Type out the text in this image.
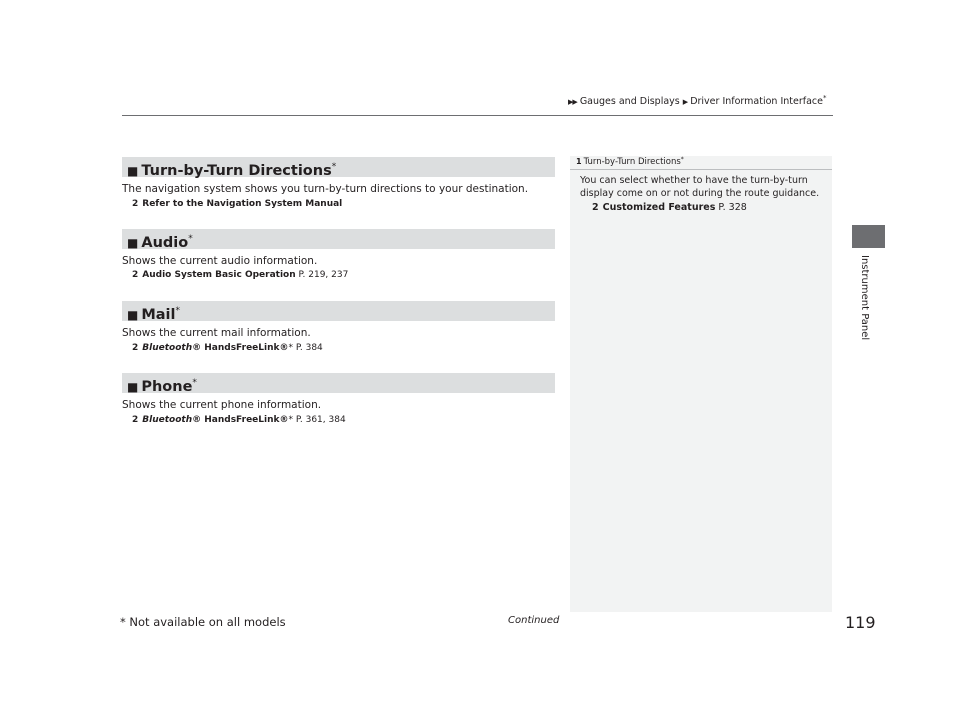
▶▶ Gauges and Displays ▶ Driver Information Interface*
Instrument Panel
■ Turn-by-Turn Directions*
The navigation system shows you turn-by-turn directions to your destination.
2 Refer to the Navigation System Manual
■ Audio*
Shows the current audio information.
2 Audio System Basic Operation P. 219, 237
■ Mail*
Shows the current mail information.
2 Bluetooth® HandsFreeLink®* P. 384
■ Phone*
Shows the current phone information.
2 Bluetooth® HandsFreeLink®* P. 361, 384
1 Turn-by-Turn Directions*
You can select whether to have the turn-by-turn display come on or not during the route guidance.
2 Customized Features P. 328
* Not available on all models	Continued	119
